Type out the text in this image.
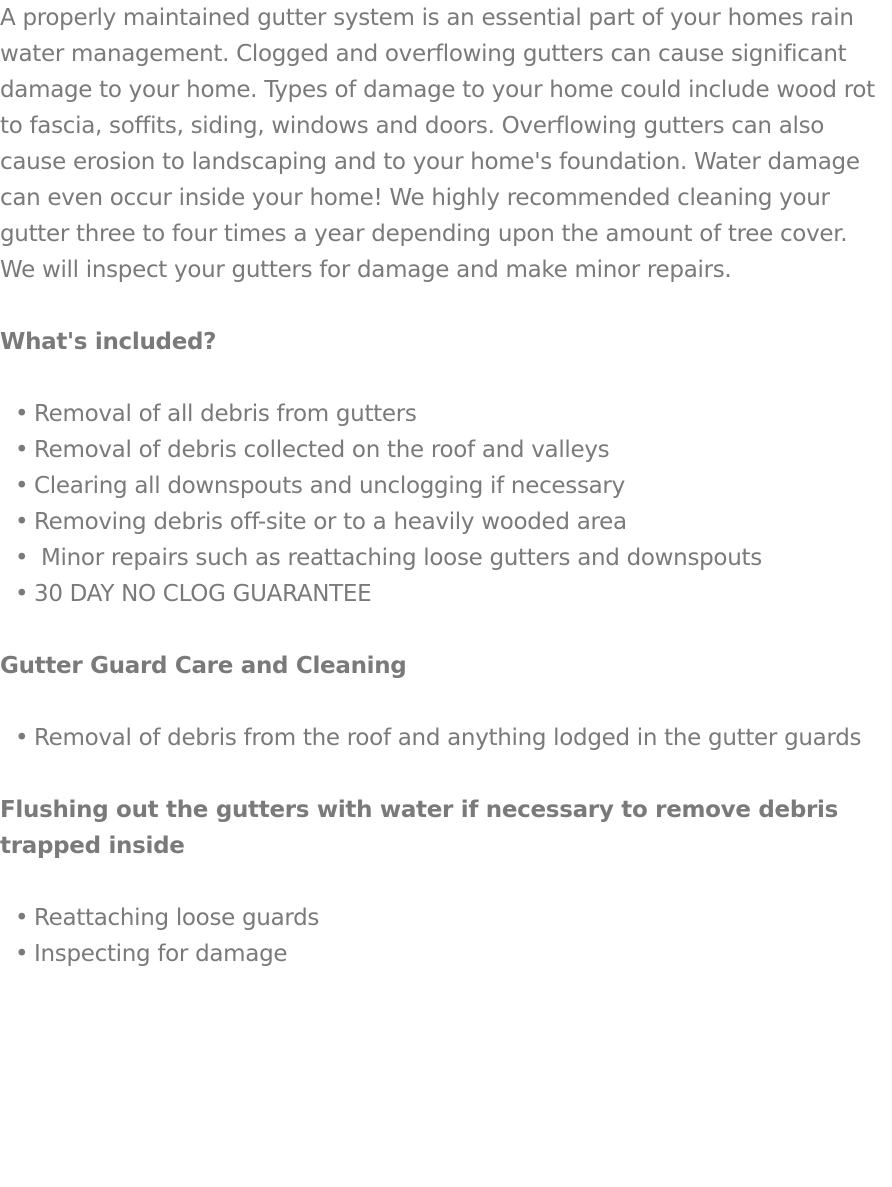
A properly maintained gutter system is an essential part of your homes rain water management. Clogged and overflowing gutters can cause significant damage to your home. Types of damage to your home could include wood rot to fascia, soffits, siding, windows and doors. Overflowing gutters can also cause erosion to landscaping and to your home's foundation. Water damage can even occur inside your home! We highly recommended cleaning your gutter three to four times a year depending upon the amount of tree cover. We will inspect your gutters for damage and make minor repairs.

What's included?

• Removal of all debris from gutters
• Removal of debris collected on the roof and valleys
• Clearing all downspouts and unclogging if necessary
• Removing debris off-site or to a heavily wooded area
• Minor repairs such as reattaching loose gutters and downspouts
• 30 DAY NO CLOG GUARANTEE

Gutter Guard Care and Cleaning

• Removal of debris from the roof and anything lodged in the gutter guards

Flushing out the gutters with water if necessary to remove debris trapped inside

• Reattaching loose guards
• Inspecting for damage
